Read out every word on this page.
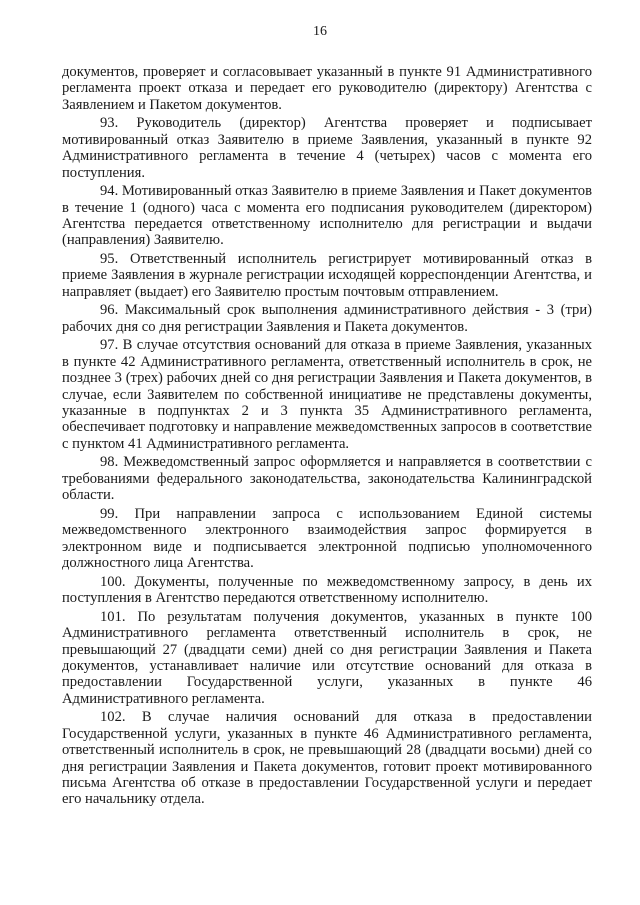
16

документов, проверяет и согласовывает указанный в пункте 91 Административного регламента проект отказа и передает его руководителю (директору) Агентства с Заявлением и Пакетом документов.

93. Руководитель (директор) Агентства проверяет и подписывает мотивированный отказ Заявителю в приеме Заявления, указанный в пункте 92 Административного регламента в течение 4 (четырех) часов с момента его поступления.

94. Мотивированный отказ Заявителю в приеме Заявления и Пакет документов в течение 1 (одного) часа с момента его подписания руководителем (директором) Агентства передается ответственному исполнителю для регистрации и выдачи (направления) Заявителю.

95. Ответственный исполнитель регистрирует мотивированный отказ в приеме Заявления в журнале регистрации исходящей корреспонденции Агентства, и направляет (выдает) его Заявителю простым почтовым отправлением.

96. Максимальный срок выполнения административного действия - 3 (три) рабочих дня со дня регистрации Заявления и Пакета документов.

97. В случае отсутствия оснований для отказа в приеме Заявления, указанных в пункте 42 Административного регламента, ответственный исполнитель в срок, не позднее 3 (трех) рабочих дней со дня регистрации Заявления и Пакета документов, в случае, если Заявителем по собственной инициативе не представлены документы, указанные в подпунктах 2 и 3 пункта 35 Административного регламента, обеспечивает подготовку и направление межведомственных запросов в соответствие с пунктом 41 Административного регламента.

98. Межведомственный запрос оформляется и направляется в соответствии с требованиями федерального законодательства, законодательства Калининградской области.

99. При направлении запроса с использованием Единой системы межведомственного электронного взаимодействия запрос формируется в электронном виде и подписывается электронной подписью уполномоченного должностного лица Агентства.

100. Документы, полученные по межведомственному запросу, в день их поступления в Агентство передаются ответственному исполнителю.

101. По результатам получения документов, указанных в пункте 100 Административного регламента ответственный исполнитель в срок, не превышающий 27 (двадцати семи) дней со дня регистрации Заявления и Пакета документов, устанавливает наличие или отсутствие оснований для отказа в предоставлении Государственной услуги, указанных в пункте 46 Административного регламента.

102. В случае наличия оснований для отказа в предоставлении Государственной услуги, указанных в пункте 46 Административного регламента, ответственный исполнитель в срок, не превышающий 28 (двадцати восьми) дней со дня регистрации Заявления и Пакета документов, готовит проект мотивированного письма Агентства об отказе в предоставлении Государственной услуги и передает его начальнику отдела.
